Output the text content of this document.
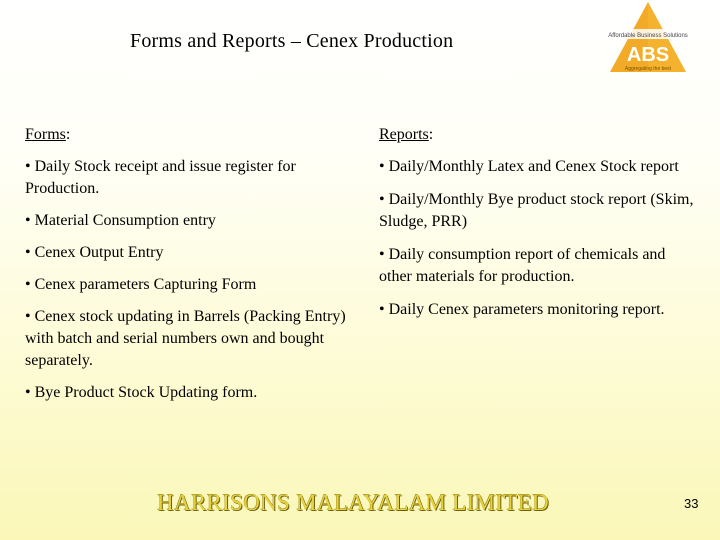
Forms and Reports – Cenex Production	Affordable Business Solutions
ABS
Aggregating the best
Forms:
• Daily Stock receipt and issue register for Production.
• Material Consumption entry
• Cenex Output Entry
• Cenex parameters Capturing Form
• Cenex stock updating in Barrels (Packing Entry) with batch and serial numbers own and bought separately.
• Bye Product Stock Updating form.
Reports:
• Daily/Monthly Latex and Cenex Stock report
• Daily/Monthly Bye product stock report (Skim, Sludge, PRR)
• Daily consumption report of chemicals and other materials for production.
• Daily Cenex parameters monitoring report.
HARRISONS MALAYALAM LIMITED	33
